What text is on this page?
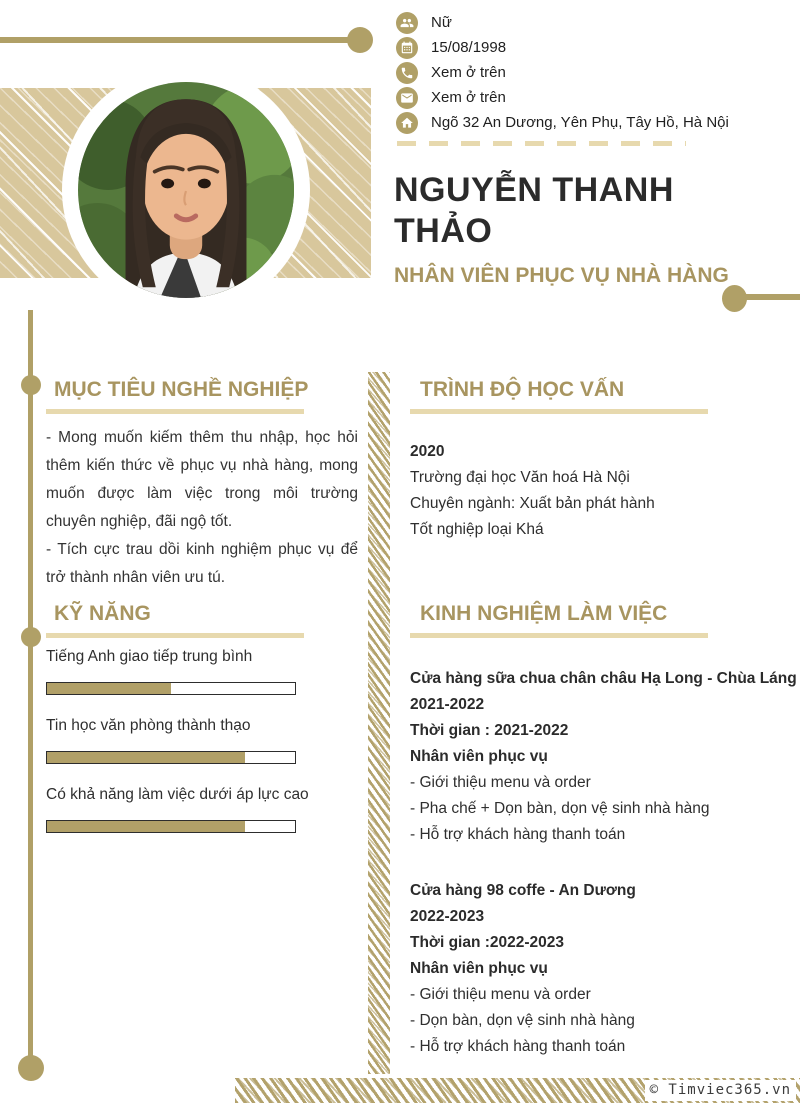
Nữ
15/08/1998
Xem ở trên
Xem ở trên
Ngõ 32 An Dương, Yên Phụ, Tây Hồ, Hà Nội
NGUYỄN THANH THẢO
NHÂN VIÊN PHỤC VỤ NHÀ HÀNG
MỤC TIÊU NGHỀ NGHIỆP
- Mong muốn kiếm thêm thu nhập, học hỏi thêm kiến thức về phục vụ nhà hàng, mong muốn được làm việc trong môi trường chuyên nghiệp, đãi ngộ tốt.
- Tích cực trau dồi kinh nghiệm phục vụ để trở thành nhân viên ưu tú.
KỸ NĂNG
Tiếng Anh giao tiếp trung bình
Tin học văn phòng thành thạo
Có khả năng làm việc dưới áp lực cao
TRÌNH ĐỘ HỌC VẤN
2020
Trường đại học Văn hoá Hà Nội
Chuyên ngành: Xuất bản phát hành
Tốt nghiệp loại Khá
KINH NGHIỆM LÀM VIỆC
Cửa hàng sữa chua chân châu Hạ Long - Chùa Láng
2021-2022
Thời gian : 2021-2022
Nhân viên phục vụ
- Giới thiệu menu và order
- Pha chế + Dọn bàn, dọn vệ sinh nhà hàng
- Hỗ trợ khách hàng thanh toán
Cửa hàng 98 coffe - An Dương
2022-2023
Thời gian :2022-2023
Nhân viên phục vụ
- Giới thiệu menu và order
- Dọn bàn, dọn vệ sinh nhà hàng
- Hỗ trợ khách hàng thanh toán
© Timviec365.vn
